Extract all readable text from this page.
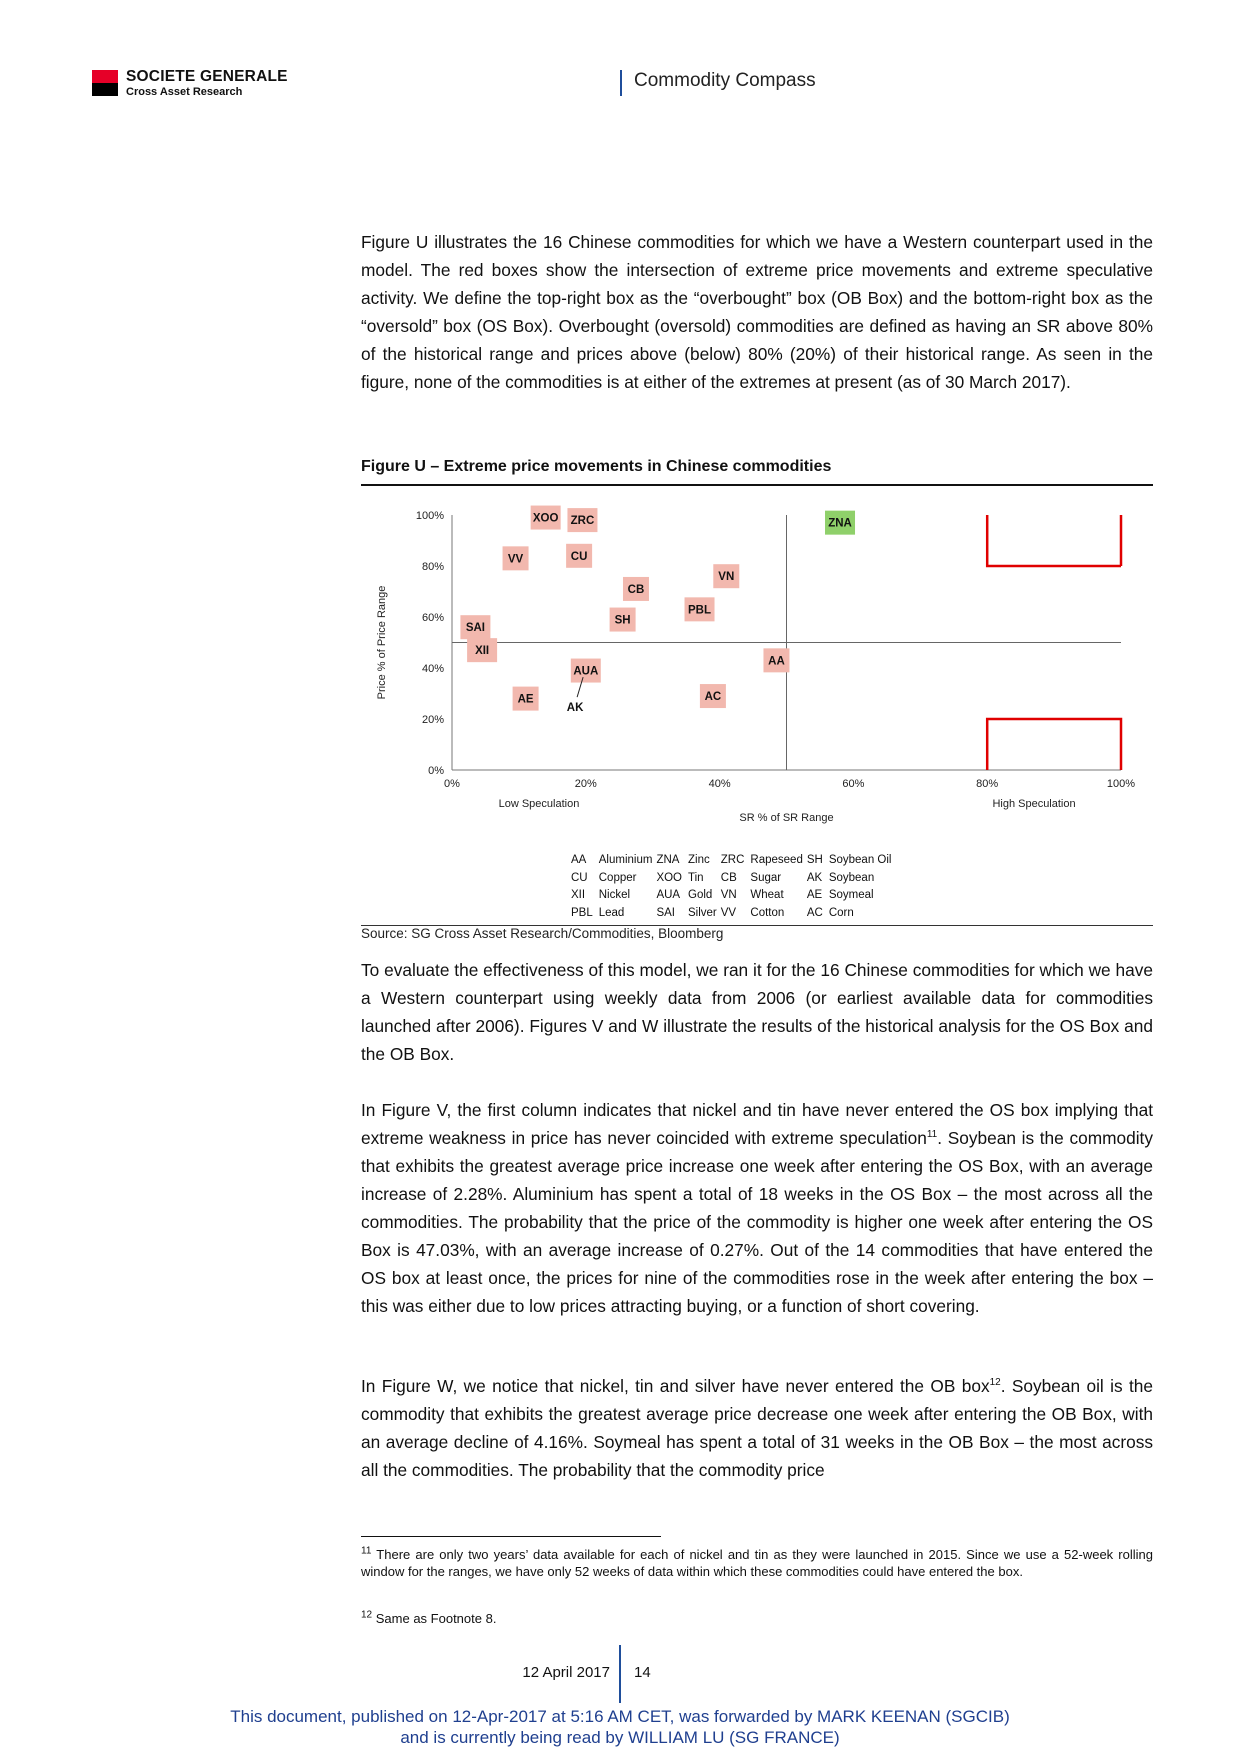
SOCIETE GENERALE
Cross Asset Research
Commodity Compass

Figure U illustrates the 16 Chinese commodities for which we have a Western counterpart used in the model. The red boxes show the intersection of extreme price movements and extreme speculative activity. We define the top-right box as the “overbought” box (OB Box) and the bottom-right box as the “oversold” box (OS Box). Overbought (oversold) commodities are defined as having an SR above 80% of the historical range and prices above (below) 80% (20%) of their historical range. As seen in the figure, none of the commodities is at either of the extremes at present (as of 30 March 2017).

Figure U – Extreme price movements in Chinese commodities
0%
20%
40%
60%
80%
100%
0%	20%	40%	60%	80%	100%
Low Speculation	High Speculation
SR % of SR Range
Price % of Price Range
XOO ZRC	ZNA
VV	CU
VN
CB
PBL
SH
SAI
XII
AA
AUA
AE	AC
AK
AA	Aluminium	ZNA	Zinc	ZRC	Rapeseed	SH	Soybean Oil
CU	Copper	XOO	Tin	CB	Sugar	AK	Soybean
XII	Nickel	AUA	Gold	VN	Wheat	AE	Soymeal
PBL	Lead	SAI	Silver	VV	Cotton	AC	Corn
Source: SG Cross Asset Research/Commodities, Bloomberg

To evaluate the effectiveness of this model, we ran it for the 16 Chinese commodities for which we have a Western counterpart using weekly data from 2006 (or earliest available data for commodities launched after 2006). Figures V and W illustrate the results of the historical analysis for the OS Box and the OB Box.

In Figure V, the first column indicates that nickel and tin have never entered the OS box implying that extreme weakness in price has never coincided with extreme speculation$^{11}$. Soybean is the commodity that exhibits the greatest average price increase one week after entering the OS Box, with an average increase of 2.28%. Aluminium has spent a total of 18 weeks in the OS Box – the most across all the commodities. The probability that the price of the commodity is higher one week after entering the OS Box is 47.03%, with an average increase of 0.27%. Out of the 14 commodities that have entered the OS box at least once, the prices for nine of the commodities rose in the week after entering the box – this was either due to low prices attracting buying, or a function of short covering.

In Figure W, we notice that nickel, tin and silver have never entered the OB box$^{12}$. Soybean oil is the commodity that exhibits the greatest average price decrease one week after entering the OB Box, with an average decline of 4.16%. Soymeal has spent a total of 31 weeks in the OB Box – the most across all the commodities. The probability that the commodity price

$^{11}$ There are only two years’ data available for each of nickel and tin as they were launched in 2015. Since we use a 52-week rolling window for the ranges, we have only 52 weeks of data within which these commodities could have entered the box.

$^{12}$ Same as Footnote 8.

12 April 2017 14
This document, published on 12-Apr-2017 at 5:16 AM CET, was forwarded by MARK KEENAN (SGCIB)
and is currently being read by WILLIAM LU (SG FRANCE)
